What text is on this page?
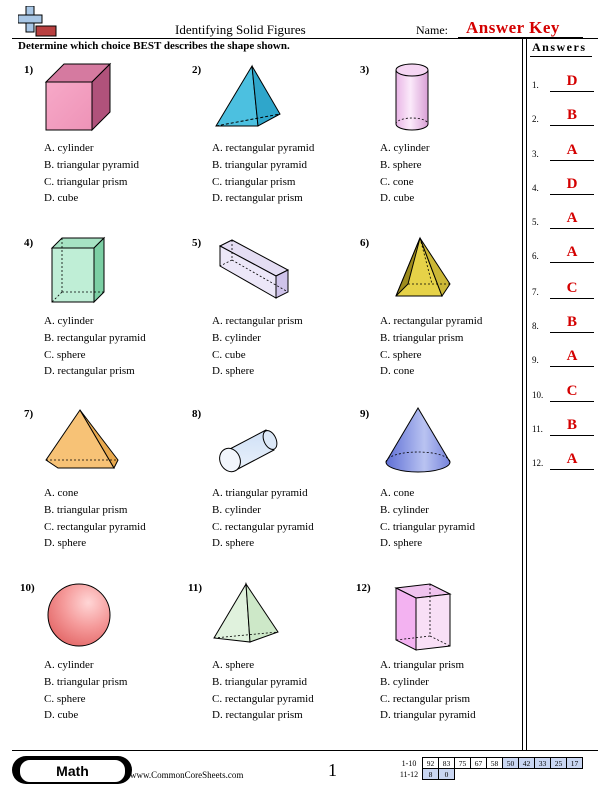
Identifying Solid Figures	Name: Answer Key
Determine which choice BEST describes the shape shown.	Answers
1.	D
2.	B
3.	A
4.	D
5.	A
6.	A
7.	C
8.	B
9.	A
10.	C
11.	B
12.	A
1)
A. cylinder
B. triangular pyramid
C. triangular prism
D. cube
2)
A. rectangular pyramid
B. triangular pyramid
C. triangular prism
D. rectangular prism
3)
A. cylinder
B. sphere
C. cone
D. cube
4)
A. cylinder
B. rectangular pyramid
C. sphere
D. rectangular prism
5)
A. rectangular prism
B. cylinder
C. cube
D. sphere
6)
A. rectangular pyramid
B. triangular prism
C. sphere
D. cone
7)
A. cone
B. triangular prism
C. rectangular pyramid
D. sphere
8)
A. triangular pyramid
B. cylinder
C. rectangular pyramid
D. sphere
9)
A. cone
B. cylinder
C. triangular pyramid
D. sphere
10)
A. cylinder
B. triangular prism
C. sphere
D. cube
11)
A. sphere
B. triangular pyramid
C. rectangular pyramid
D. rectangular prism
12)
A. triangular prism
B. cylinder
C. rectangular prism
D. triangular pyramid
Math	www.CommonCoreSheets.com	1	1-10	92	83	75	67	58	50	42	33	25	17
11-12	8	0								
